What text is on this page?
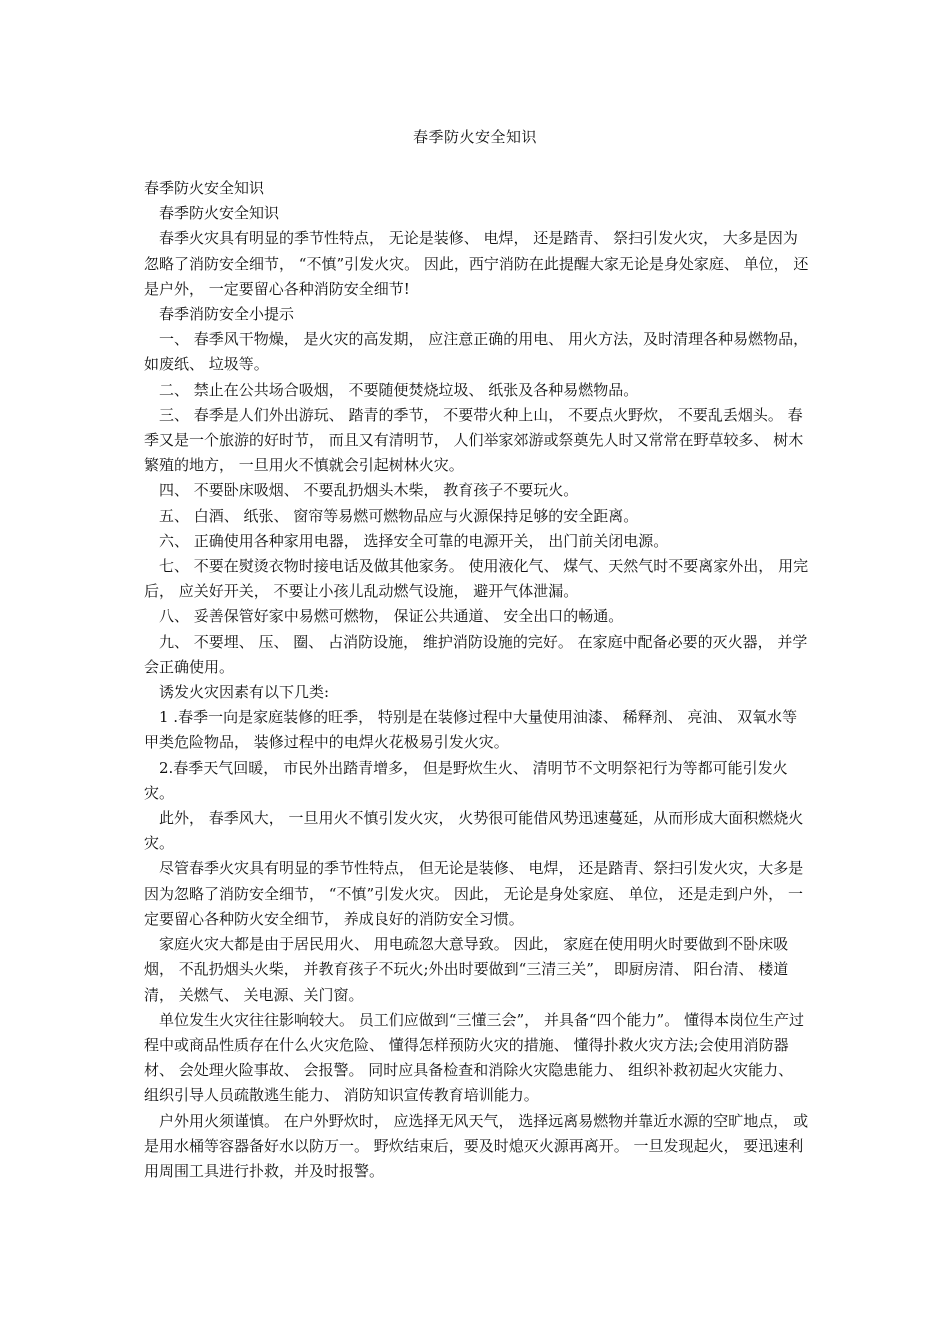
春季防火安全知识

春季防火安全知识

春季防火安全知识

春季火灾具有明显的季节性特点， 无论是装修、 电焊， 还是踏青、 祭扫引发火灾， 大多是因为忽略了消防安全细节， “不慎”引发火灾。 因此，西宁消防在此提醒大家无论是身处家庭、 单位， 还是户外， 一定要留心各种消防安全细节!

春季消防安全小提示

一、 春季风干物燥， 是火灾的高发期， 应注意正确的用电、 用火方法，及时清理各种易燃物品， 如废纸、 垃圾等。

二、 禁止在公共场合吸烟， 不要随便焚烧垃圾、 纸张及各种易燃物品。

三、 春季是人们外出游玩、 踏青的季节， 不要带火种上山， 不要点火野炊， 不要乱丢烟头。 春季又是一个旅游的好时节， 而且又有清明节， 人们举家郊游或祭奠先人时又常常在野草较多、 树木繁殖的地方， 一旦用火不慎就会引起树林火灾。

四、 不要卧床吸烟、 不要乱扔烟头木柴， 教育孩子不要玩火。

五、 白酒、 纸张、 窗帘等易燃可燃物品应与火源保持足够的安全距离。

六、 正确使用各种家用电器， 选择安全可靠的电源开关， 出门前关闭电源。

七、 不要在熨烫衣物时接电话及做其他家务。 使用液化气、 煤气、天然气时不要离家外出， 用完后， 应关好开关， 不要让小孩儿乱动燃气设施， 避开气体泄漏。

八、 妥善保管好家中易燃可燃物， 保证公共通道、 安全出口的畅通。

九、 不要埋、 压、 圈、 占消防设施， 维护消防设施的完好。 在家庭中配备必要的灭火器， 并学会正确使用。

诱发火灾因素有以下几类:

1 .春季一向是家庭装修的旺季， 特别是在装修过程中大量使用油漆、 稀释剂、 亮油、 双氧水等甲类危险物品， 装修过程中的电焊火花极易引发火灾。

2.春季天气回暖， 市民外出踏青增多， 但是野炊生火、 清明节不文明祭祀行为等都可能引发火灾。

此外， 春季风大， 一旦用火不慎引发火灾， 火势很可能借风势迅速蔓延，从而形成大面积燃烧火灾。

尽管春季火灾具有明显的季节性特点， 但无论是装修、 电焊， 还是踏青、祭扫引发火灾，大多是因为忽略了消防安全细节， “不慎”引发火灾。 因此， 无论是身处家庭、 单位， 还是走到户外， 一定要留心各种防火安全细节， 养成良好的消防安全习惯。

家庭火灾大都是由于居民用火、 用电疏忽大意导致。 因此， 家庭在使用明火时要做到不卧床吸烟， 不乱扔烟头火柴， 并教育孩子不玩火;外出时要做到“三清三关”， 即厨房清、 阳台清、 楼道清， 关燃气、 关电源、关门窗。

单位发生火灾往往影响较大。 员工们应做到“三懂三会”， 并具备“四个能力”。 懂得本岗位生产过程中或商品性质存在什么火灾危险、 懂得怎样预防火灾的措施、 懂得扑救火灾方法;会使用消防器材、 会处理火险事故、 会报警。 同时应具备检查和消除火灾隐患能力、 组织补救初起火灾能力、 组织引导人员疏散逃生能力、 消防知识宣传教育培训能力。

户外用火须谨慎。 在户外野炊时， 应选择无风天气， 选择远离易燃物并靠近水源的空旷地点， 或是用水桶等容器备好水以防万一。 野炊结束后，要及时熄灭火源再离开。 一旦发现起火， 要迅速利用周围工具进行扑救，并及时报警。
